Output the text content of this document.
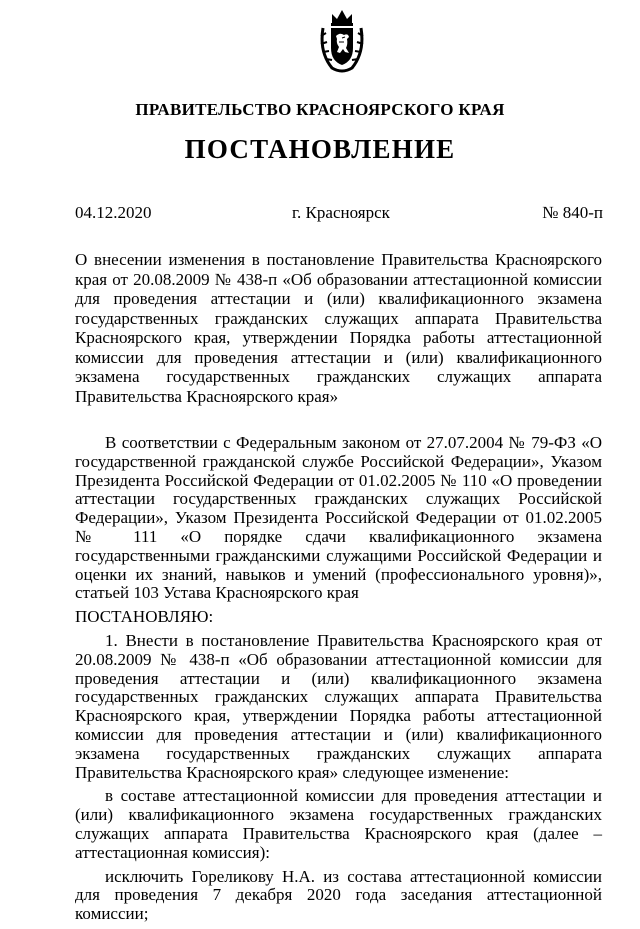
ПРАВИТЕЛЬСТВО КРАСНОЯРСКОГО КРАЯ
ПОСТАНОВЛЕНИЕ
04.12.2020	г. Красноярск	№ 840-п
О внесении изменения в постановление Правительства Красноярского края от 20.08.2009 № 438-п «Об образовании аттестационной комиссии для проведения аттестации и (или) квалификационного экзамена государственных гражданских служащих аппарата Правительства Красноярского края, утверждении Порядка работы аттестационной комиссии для проведения аттестации и (или) квалификационного экзамена государственных гражданских служащих аппарата Правительства Красноярского края»

В соответствии с Федеральным законом от 27.07.2004 № 79-ФЗ «О государственной гражданской службе Российской Федерации», Указом Президента Российской Федерации от 01.02.2005 № 110 «О проведении аттестации государственных гражданских служащих Российской Федерации», Указом Президента Российской Федерации от 01.02.2005 № 111 «О порядке сдачи квалификационного экзамена государственными гражданскими служащими Российской Федерации и оценки их знаний, навыков и умений (профессионального уровня)», статьей 103 Устава Красноярского края

ПОСТАНОВЛЯЮ:

1. Внести в постановление Правительства Красноярского края от 20.08.2009 № 438-п «Об образовании аттестационной комиссии для проведения аттестации и (или) квалификационного экзамена государственных гражданских служащих аппарата Правительства Красноярского края, утверждении Порядка работы аттестационной комиссии для проведения аттестации и (или) квалификационного экзамена государственных гражданских служащих аппарата Правительства Красноярского края» следующее изменение:

в составе аттестационной комиссии для проведения аттестации и (или) квалификационного экзамена государственных гражданских служащих аппарата Правительства Красноярского края (далее – аттестационная комиссия):

исключить Гореликову Н.А. из состава аттестационной комиссии для проведения 7 декабря 2020 года заседания аттестационной комиссии;
